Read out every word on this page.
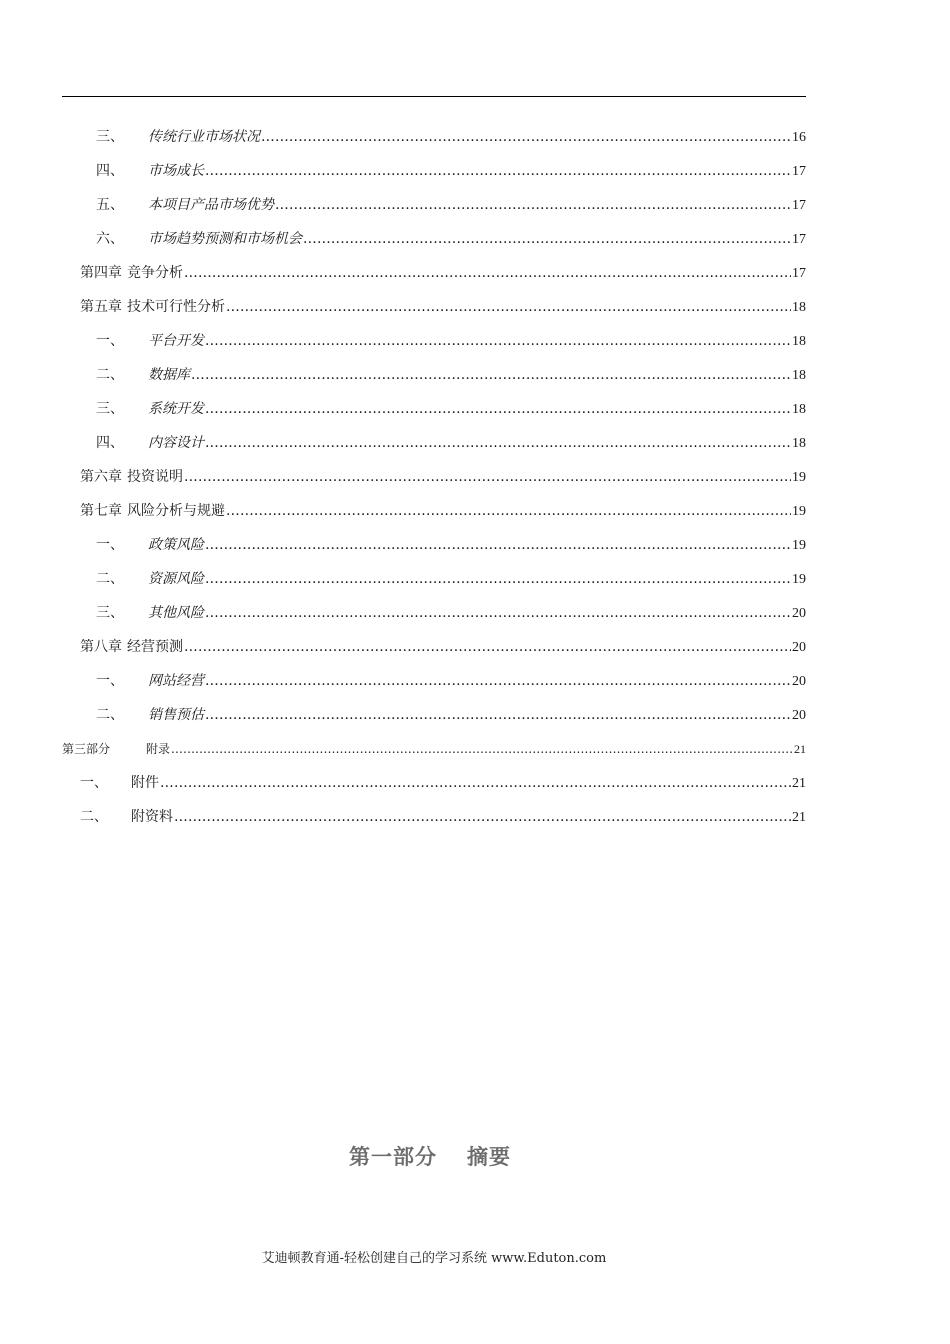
三、	传统行业市场状况 .....	16
四、	市场成长 .....	17
五、	本项目产品市场优势 .....	17
六、	市场趋势预测和市场机会 .....	17
第四章 竞争分析 .....	17
第五章 技术可行性分析 .....	18
一、	平台开发 .....	18
二、	数据库 .....	18
三、	系统开发 .....	18
四、	内容设计 .....	18
第六章 投资说明 .....	19
第七章 风险分析与规避 .....	19
一、	政策风险 .....	19
二、	资源风险 .....	19
三、	其他风险 .....	20
第八章 经营预测 .....	20
一、	网站经营 .....	20
二、	销售预估 .....	20
第三部分	附录 .....	21
一、	附件 .....	21
二、	附资料 .....	21
第一部分 摘要
艾迪顿教育通-轻松创建自己的学习系统 www.Eduton.com
